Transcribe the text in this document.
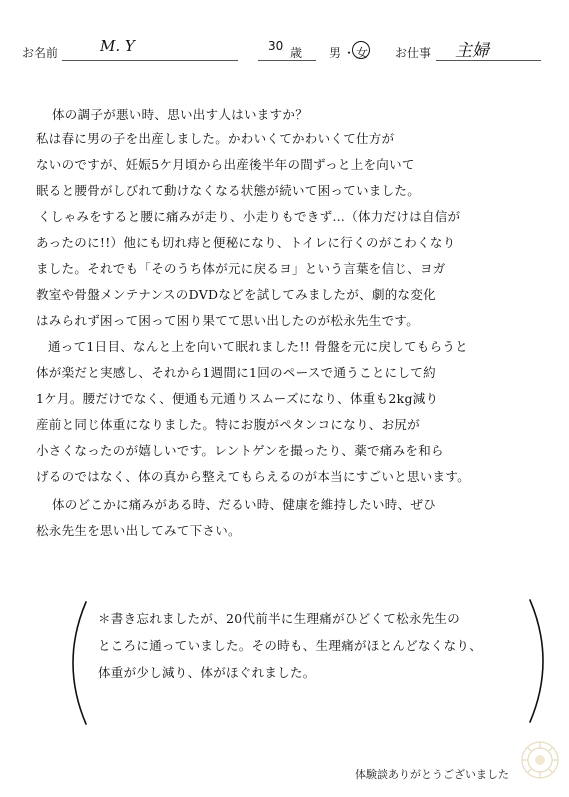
お名前	M. Y	30 歳 男 ・ 女 お仕事 主婦
体の調子が悪い時、思い出す人はいますか？
私は春に男の子を出産しました。かわいくてかわいくて仕方が
ないのですが、妊娠5ケ月頃から出産後半年の間ずっと上を向いて
眠ると腰骨がしびれて動けなくなる状態が続いて困っていました。
くしゃみをすると腰に痛みが走り、小走りもできず…（体力だけは自信が
あったのに!!）他にも切れ痔と便秘になり、トイレに行くのがこわくなり
ました。それでも「そのうち体が元に戻るヨ」という言葉を信じ、ヨガ
教室や骨盤メンテナンスのDVDなどを試してみましたが、劇的な変化
はみられず困って困って困り果てて思い出したのが松永先生です。
通って1日目、なんと上を向いて眠れました!! 骨盤を元に戻してもらうと
体が楽だと実感し、それから1週間に1回のペースで通うことにして約
1ケ月。腰だけでなく、便通も元通りスムーズになり、体重も2kg減り
産前と同じ体重になりました。特にお腹がペタンコになり、お尻が
小さくなったのが嬉しいです。レントゲンを撮ったり、薬で痛みを和ら
げるのではなく、体の真から整えてもらえるのが本当にすごいと思います。
体のどこかに痛みがある時、だるい時、健康を維持したい時、ぜひ
松永先生を思い出してみて下さい。
＊書き忘れましたが、20代前半に生理痛がひどくて松永先生の
ところに通っていました。その時も、生理痛がほとんどなくなり、
体重が少し減り、体がほぐれました。
体験談ありがとうございました
